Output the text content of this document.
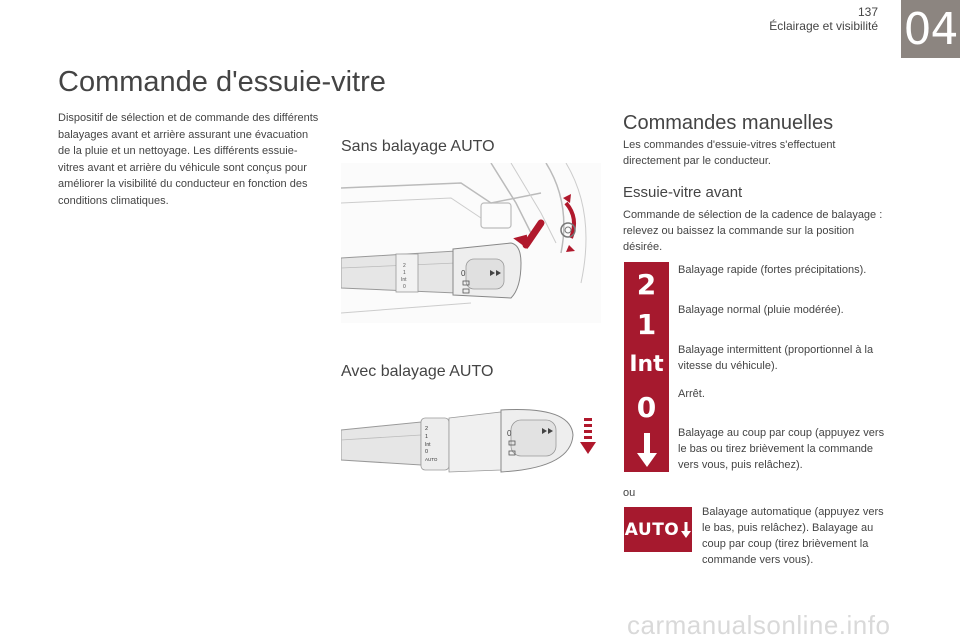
137
Éclairage et visibilité 04
Commande d'essuie-vitre
Dispositif de sélection et de commande des différents balayages avant et arrière assurant une évacuation de la pluie et un nettoyage. Les différents essuie-vitres avant et arrière du véhicule sont conçus pour améliorer la visibilité du conducteur en fonction des conditions climatiques.
Sans balayage AUTO
2
1
Int
0
0
Avec balayage AUTO
2
1
Int
0
AUTO
0
Commandes manuelles
Les commandes d'essuie-vitres s'effectuent directement par le conducteur.
Essuie-vitre avant
Commande de sélection de la cadence de balayage : relevez ou baissez la commande sur la position désirée.
2 Balayage rapide (fortes précipitations).
1 Balayage normal (pluie modérée).
Int
Balayage intermittent (proportionnel à la vitesse du véhicule).
0 Arrêt.
Balayage au coup par coup (appuyez vers le bas ou tirez brièvement la commande vers vous, puis relâchez).
ou
AUTO
Balayage automatique (appuyez vers le bas, puis relâchez). Balayage au coup par coup (tirez brièvement la commande vers vous).
carmanualsonline.info
